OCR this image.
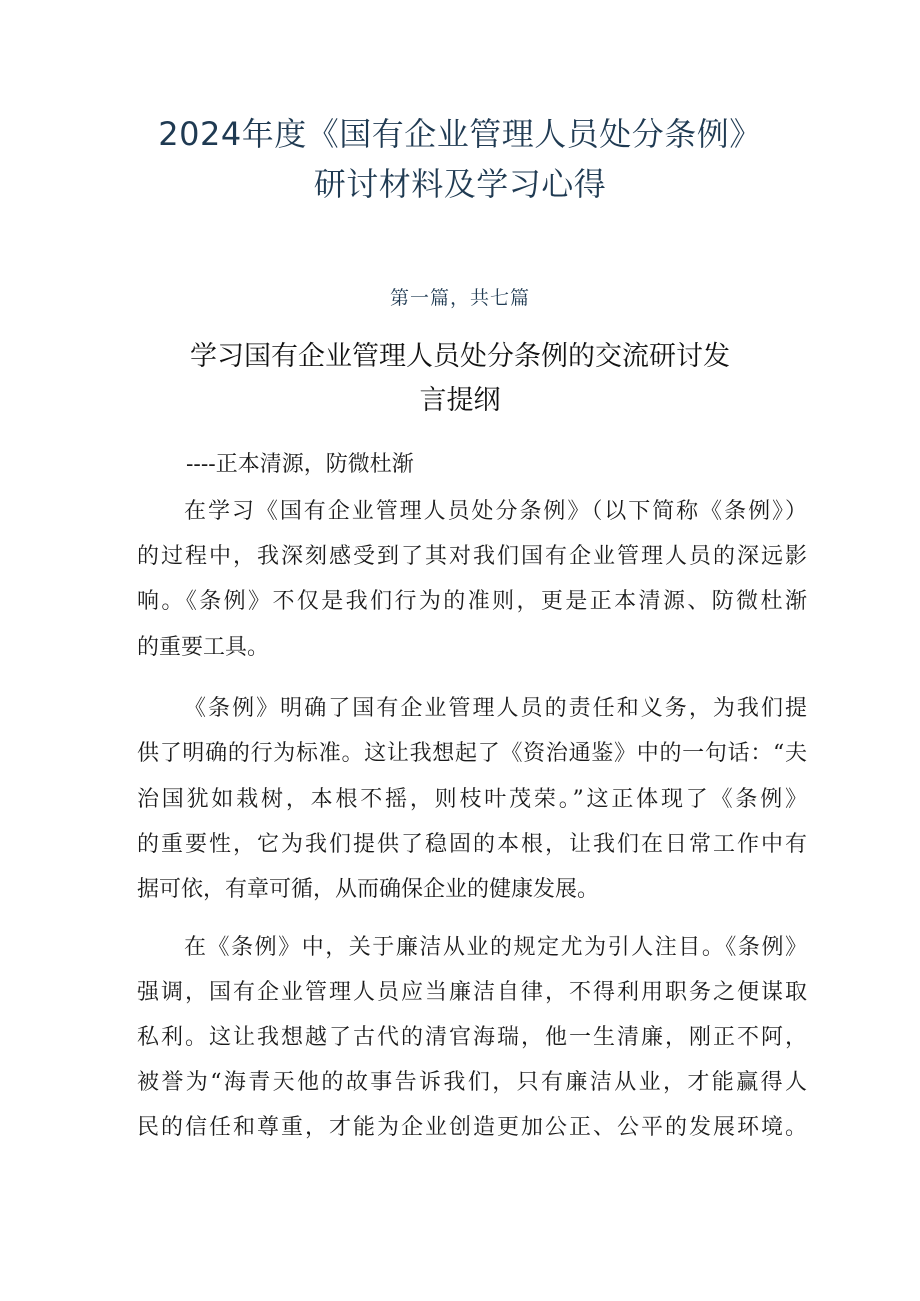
2024年度《国有企业管理人员处分条例》
研讨材料及学习心得
第一篇，共七篇
学习国有企业管理人员处分条例的交流研讨发
言提纲
----正本清源，防微杜渐
在学习《国有企业管理人员处分条例》（以下简称《条例》）
的过程中，我深刻感受到了其对我们国有企业管理人员的深远影
响。《条例》不仅是我们行为的准则，更是正本清源、防微杜渐
的重要工具。
《条例》明确了国有企业管理人员的责任和义务，为我们提
供了明确的行为标准。这让我想起了《资治通鉴》中的一句话：“夫
治国犹如栽树，本根不摇，则枝叶茂荣。”这正体现了《条例》
的重要性，它为我们提供了稳固的本根，让我们在日常工作中有
据可依，有章可循，从而确保企业的健康发展。
在《条例》中，关于廉洁从业的规定尤为引人注目。《条例》
强调，国有企业管理人员应当廉洁自律，不得利用职务之便谋取
私利。这让我想越了古代的清官海瑞，他一生清廉，刚正不阿，
被誉为“海青天他的故事告诉我们，只有廉洁从业，才能赢得人
民的信任和尊重，才能为企业创造更加公正、公平的发展环境。
